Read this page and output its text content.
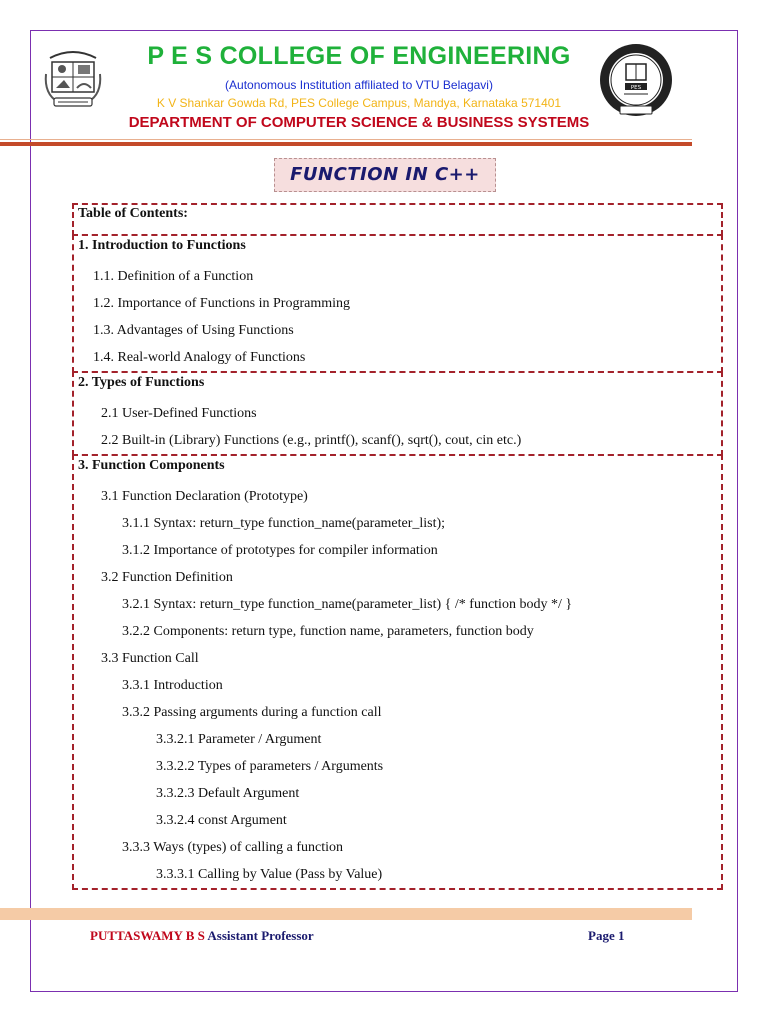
P E S COLLEGE OF ENGINEERING
(Autonomous Institution affiliated to VTU Belagavi)
K V Shankar Gowda Rd, PES College Campus, Mandya, Karnataka 571401
DEPARTMENT OF COMPUTER SCIENCE & BUSINESS SYSTEMS
PES
FUNCTION IN C++
Table of Contents:
1. Introduction to Functions
1.1. Definition of a Function
1.2. Importance of Functions in Programming
1.3. Advantages of Using Functions
1.4. Real-world Analogy of Functions
2. Types of Functions
2.1 User-Defined Functions
2.2 Built-in (Library) Functions (e.g., printf(), scanf(), sqrt(), cout, cin etc.)
3. Function Components
3.1 Function Declaration (Prototype)
3.1.1 Syntax: return_type function_name(parameter_list);
3.1.2 Importance of prototypes for compiler information
3.2 Function Definition
3.2.1 Syntax: return_type function_name(parameter_list) { /* function body */ }
3.2.2 Components: return type, function name, parameters, function body
3.3 Function Call
3.3.1 Introduction
3.3.2 Passing arguments during a function call
3.3.2.1 Parameter / Argument
3.3.2.2 Types of parameters / Arguments
3.3.2.3 Default Argument
3.3.2.4 const Argument
3.3.3 Ways (types) of calling a function
3.3.3.1 Calling by Value (Pass by Value)
PUTTASWAMY B S Assistant Professor	Page 1
